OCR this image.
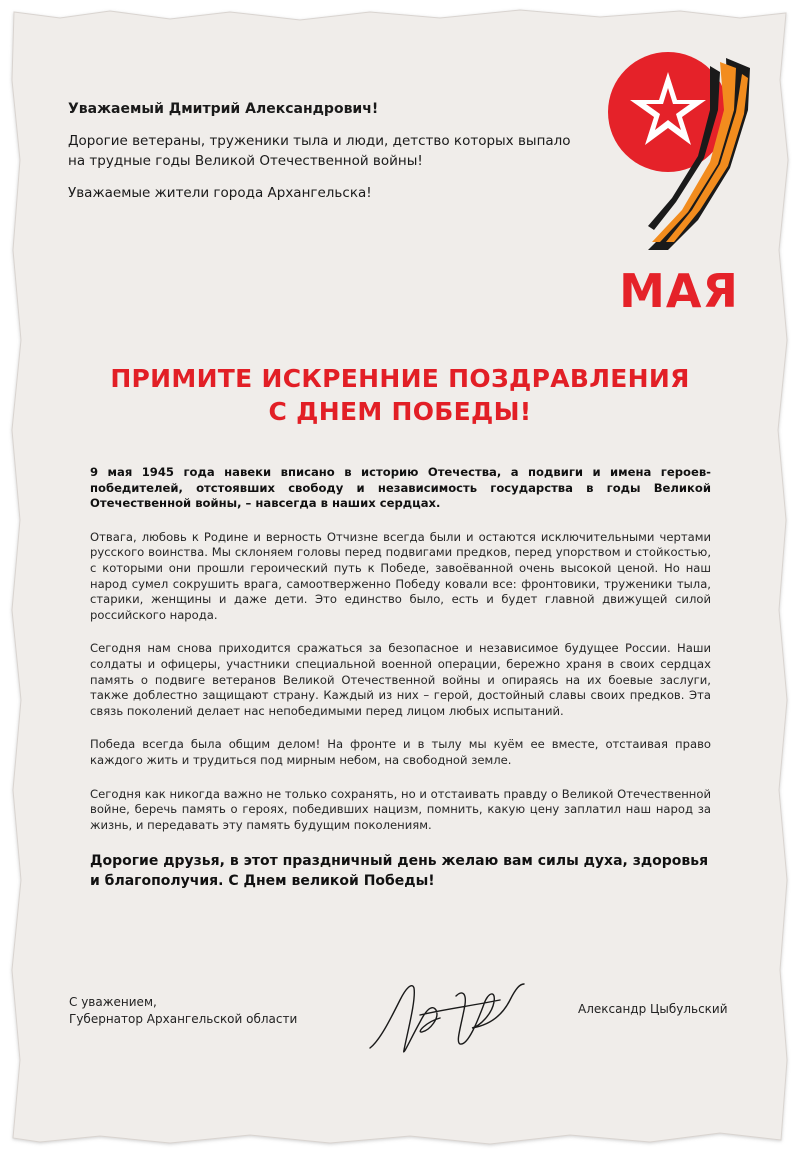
Уважаемый Дмитрий Александрович!

Дорогие ветераны, труженики тыла и люди, детство которых выпало на трудные годы Великой Отечественной войны!

Уважаемые жители города Архангельска!

МАЯ
ПРИМИТЕ ИСКРЕННИЕ ПОЗДРАВЛЕНИЯ
С ДНЕМ ПОБЕДЫ!

9 мая 1945 года навеки вписано в историю Отечества, а подвиги и имена героев-победителей, отстоявших свободу и независимость государства в годы Великой Отечественной войны, – навсегда в наших сердцах.

Отвага, любовь к Родине и верность Отчизне всегда были и остаются исключительными чертами русского воинства. Мы склоняем головы перед подвигами предков, перед упорством и стойкостью, с которыми они прошли героический путь к Победе, завоёванной очень высокой ценой. Но наш народ сумел сокрушить врага, самоотверженно Победу ковали все: фронтовики, труженики тыла, старики, женщины и даже дети. Это единство было, есть и будет главной движущей силой российского народа.

Сегодня нам снова приходится сражаться за безопасное и независимое будущее России. Наши солдаты и офицеры, участники специальной военной операции, бережно храня в своих сердцах память о подвиге ветеранов Великой Отечественной войны и опираясь на их боевые заслуги, также доблестно защищают страну. Каждый из них – герой, достойный славы своих предков. Эта связь поколений делает нас непобедимыми перед лицом любых испытаний.

Победа всегда была общим делом! На фронте и в тылу мы куём ее вместе, отстаивая право каждого жить и трудиться под мирным небом, на свободной земле.

Сегодня как никогда важно не только сохранять, но и отстаивать правду о Великой Отечественной войне, беречь память о героях, победивших нацизм, помнить, какую цену заплатил наш народ за жизнь, и передавать эту память будущим поколениям.

Дорогие друзья, в этот праздничный день желаю вам силы духа, здоровья и благополучия. С Днем великой Победы!

С уважением,
Губернатор Архангельской области
Александр Цыбульский
